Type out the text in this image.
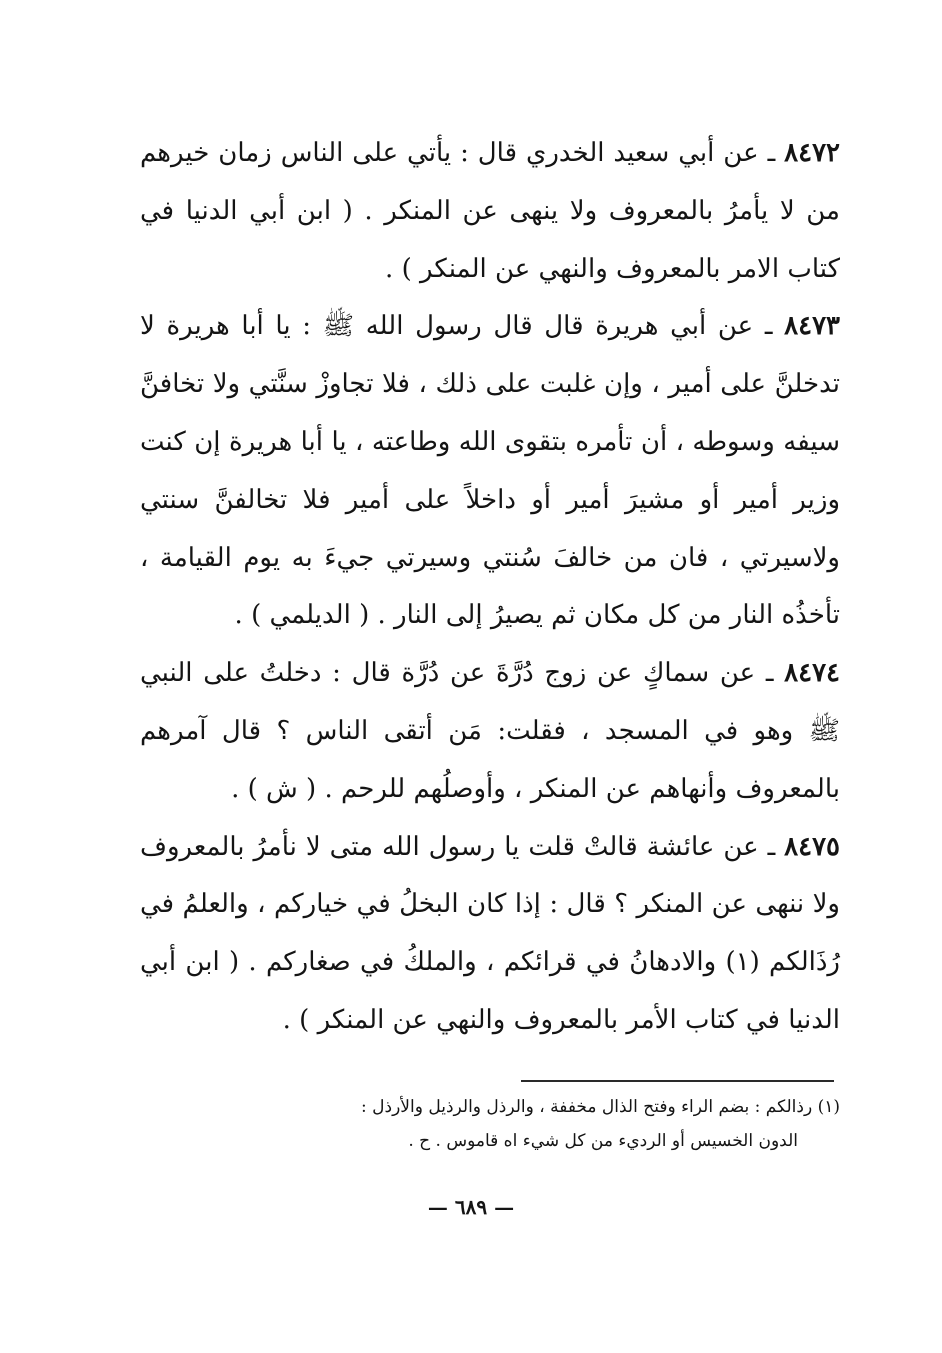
٨٤٧٢ ـ عن أبي سعيد الخدري قال : يأتي على الناس زمان خيرهم من لا يأمرُ بالمعروف ولا ينهى عن المنكر . ( ابن أبي الدنيا في كتاب الامر بالمعروف والنهي عن المنكر ) .

٨٤٧٣ ـ عن أبي هريرة قال قال رسول الله ﷺ : يا أبا هريرة لا تدخلنَّ على أمير ، وإن غلبت على ذلك ، فلا تجاوزْ سنَّتي ولا تخافنَّ سيفه وسوطه ، أن تأمره بتقوى الله وطاعته ، يا أبا هريرة إن كنت وزير أمير أو مشيرَ أمير أو داخلاً على أمير فلا تخالفنَّ سنتي ولاسيرتي ، فان من خالفَ سُنتي وسيرتي جيءَ به يوم القيامة ، تأخذُه النار من كل مكان ثم يصيرُ إلى النار . ( الديلمي ) .

٨٤٧٤ ـ عن سماكٍ عن زوج دُرَّةَ عن دُرَّة قال : دخلتُ على النبي ﷺ وهو في المسجد ، فقلت: مَن أتقى الناس ؟ قال آمرهم بالمعروف وأنهاهم عن المنكر ، وأوصلُهم للرحم . ( ش ) .

٨٤٧٥ ـ عن عائشة قالتْ قلت يا رسول الله متى لا نأمرُ بالمعروف ولا ننهى عن المنكر ؟ قال : إذا كان البخلُ في خياركم ، والعلمُ في رُذَالكم (١) والادهانُ في قرائكم ، والملكُ في صغاركم . ( ابن أبي الدنيا في كتاب الأمر بالمعروف والنهي عن المنكر ) .

(١) رذالكم : بضم الراء وفتح الذال مخففة ، والرذل والرذيل والأرذل :

الدون الخسيس أو الرديء من كل شيء اه قاموس . ح .

— ٦٨٩ —
